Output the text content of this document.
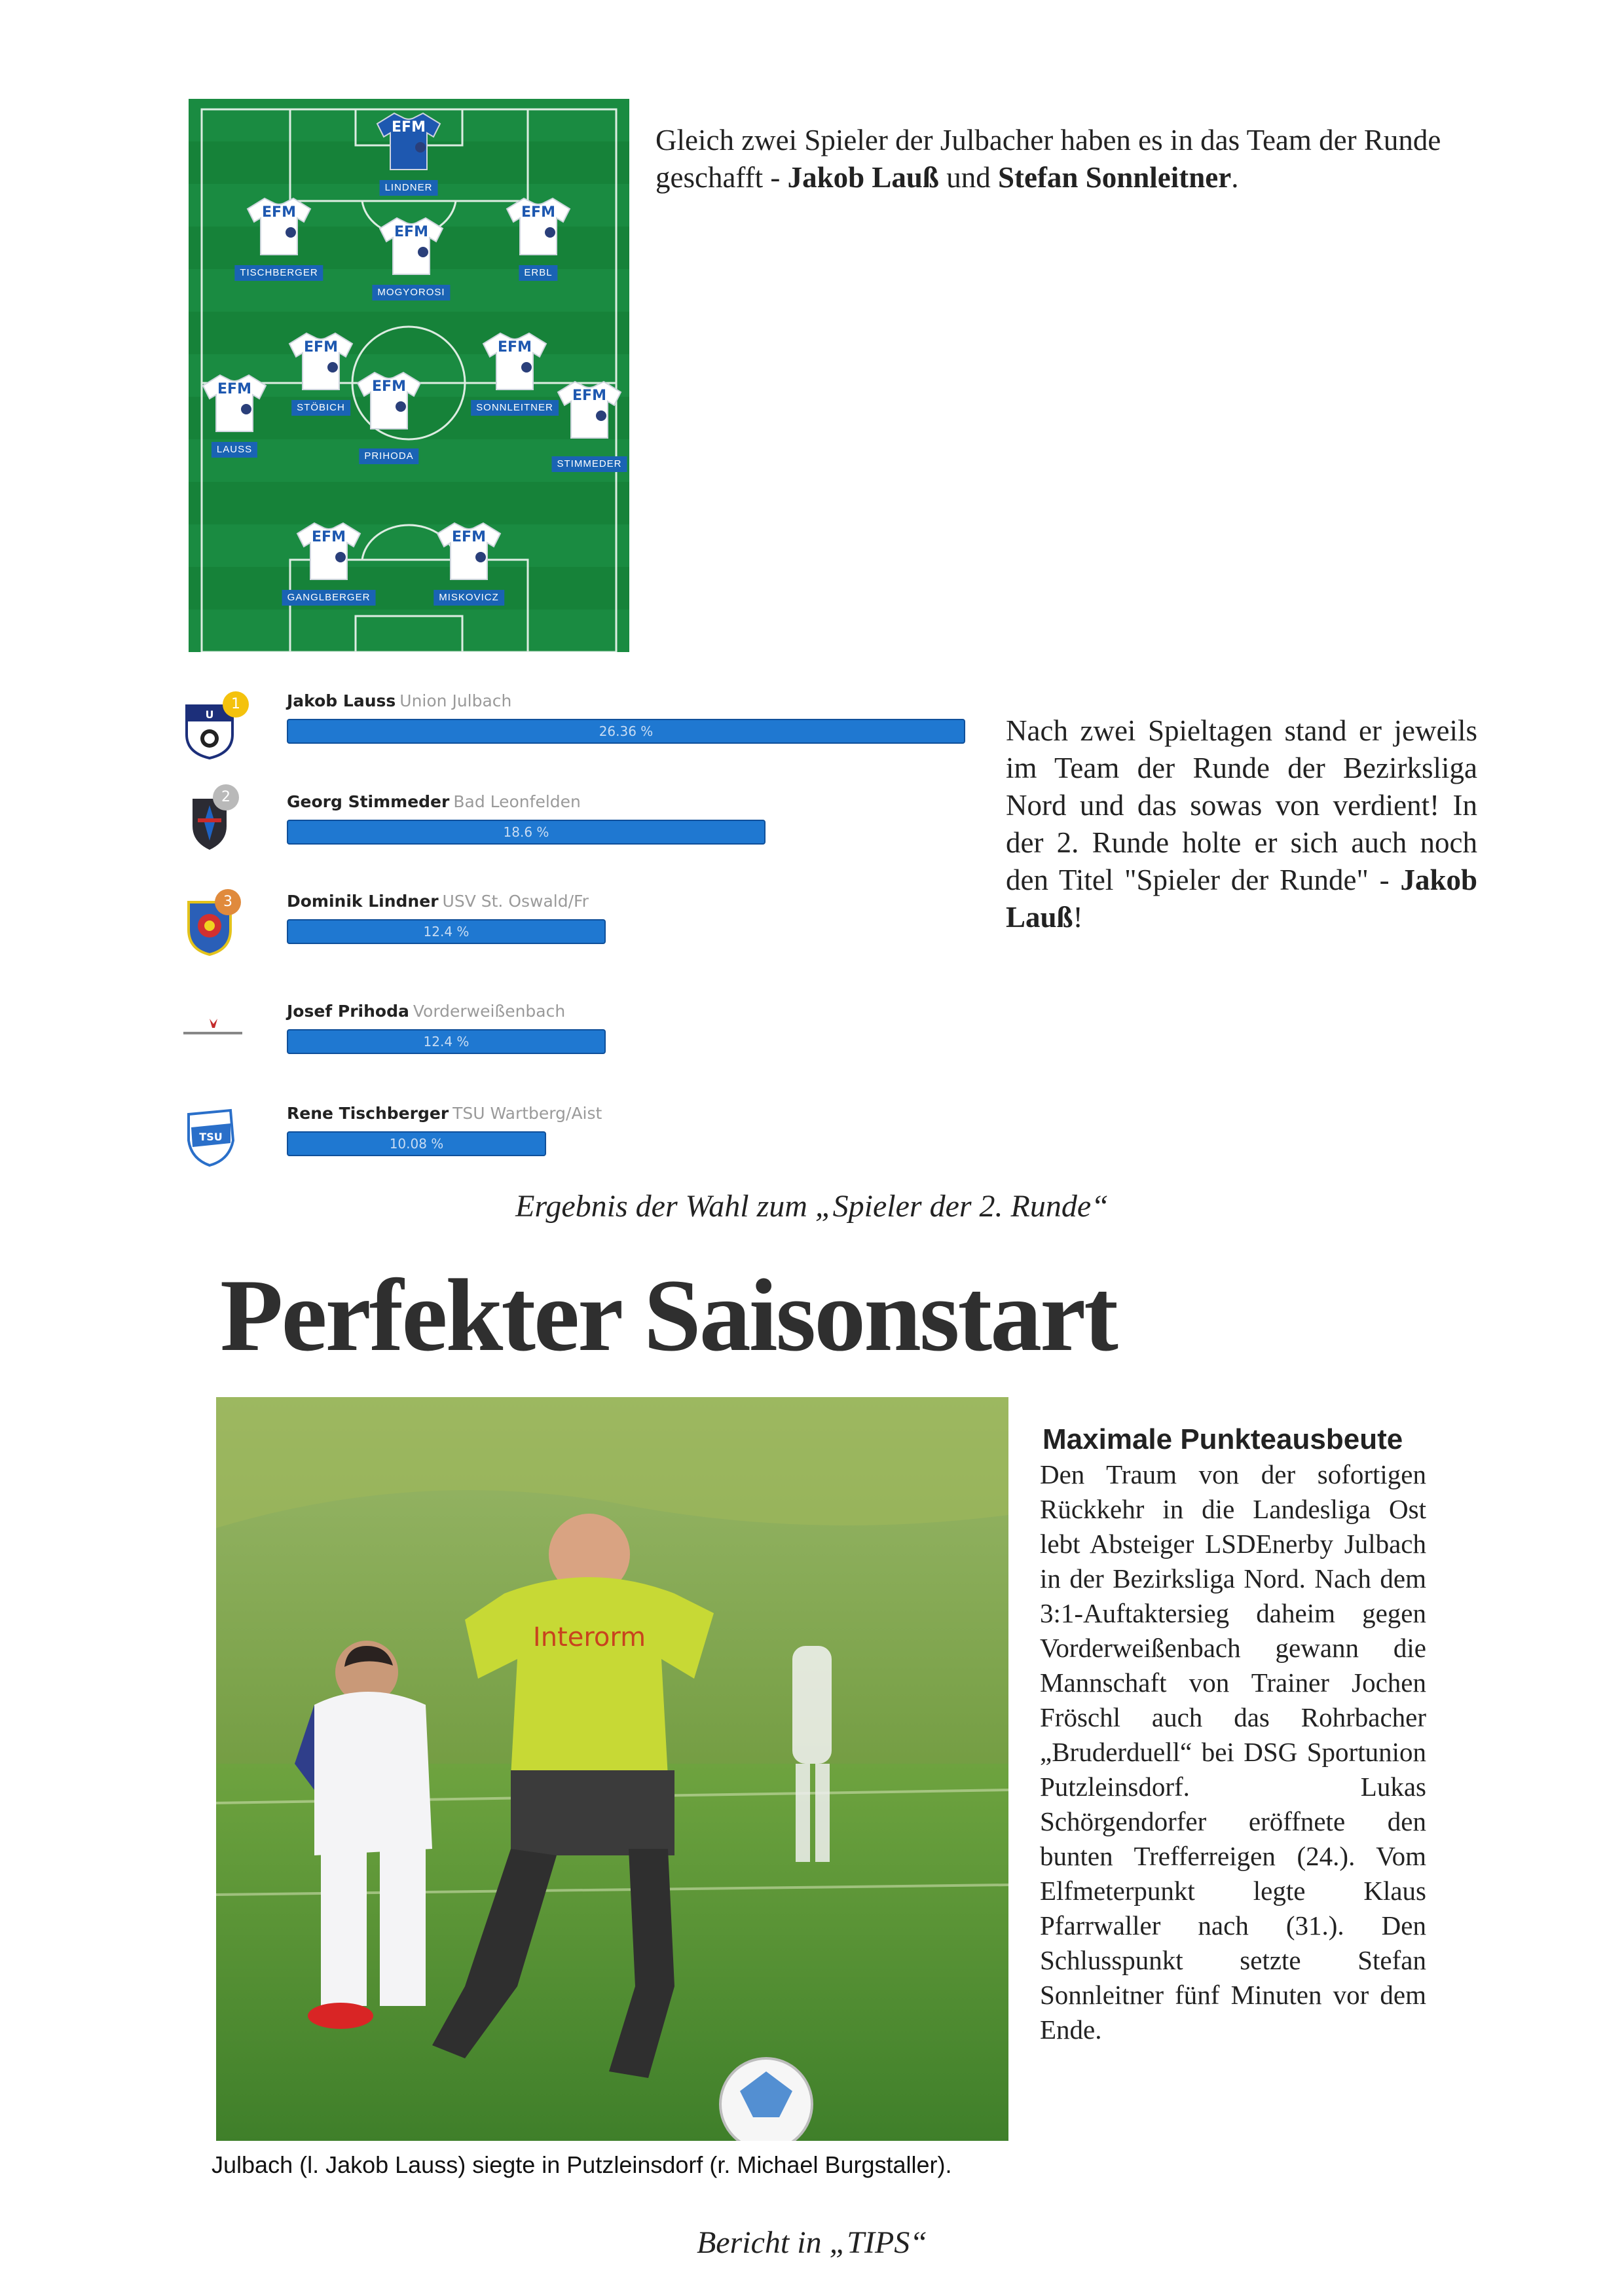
EFM
LINDNER
EFM
TISCHBERGER
EFM
MOGYOROSI
EFM
ERBL
EFM
STÖBICH
EFM
SONNLEITNER
EFM
LAUSS
EFM
PRIHODA
EFM
STIMMEDER
EFM
GANGLBERGER
EFM
MISKOVICZ
Gleich zwei Spieler der Julbacher haben es in das Team der Runde geschafft - Jakob Lauß und Stefan Sonnleitner.
U
1	Jakob Lauss Union Julbach
26.36 %
2	Georg Stimmeder Bad Leonfelden
18.6 %
3	Dominik Lindner USV St. Oswald/Fr
12.4 %
Josef Prihoda Vorderweißenbach
12.4 %
TSU
Rene Tischberger TSU Wartberg/Aist
10.08 %
Nach zwei Spieltagen stand er jeweils im Team der Runde der Bezirksliga Nord und das sowas von verdient! In der 2. Runde holte er sich auch noch den Titel "Spieler der Runde" - Jakob Lauß!
Ergebnis der Wahl zum „Spieler der 2. Runde“
Perfekter Saisonstart
Interorm
Julbach (l. Jakob Lauss) siegte in Putzleinsdorf (r. Michael Burgstaller).
Maximale Punkteausbeute
Den Traum von der sofortigen Rückkehr in die Landesliga Ost lebt Absteiger LSDEnerby Julbach in der Bezirksliga Nord. Nach dem 3:1-Auftaktersieg daheim gegen Vorderweißenbach gewann die Mannschaft von Trainer Jochen Fröschl auch das Rohrbacher „Bruderduell“ bei DSG Sportunion Putzleinsdorf. Lukas Schörgendorfer eröffnete den bunten Trefferreigen (24.). Vom Elfmeterpunkt legte Klaus Pfarrwaller nach (31.). Den Schlusspunkt setzte Stefan Sonnleitner fünf Minuten vor dem Ende.
Bericht in „TIPS“
